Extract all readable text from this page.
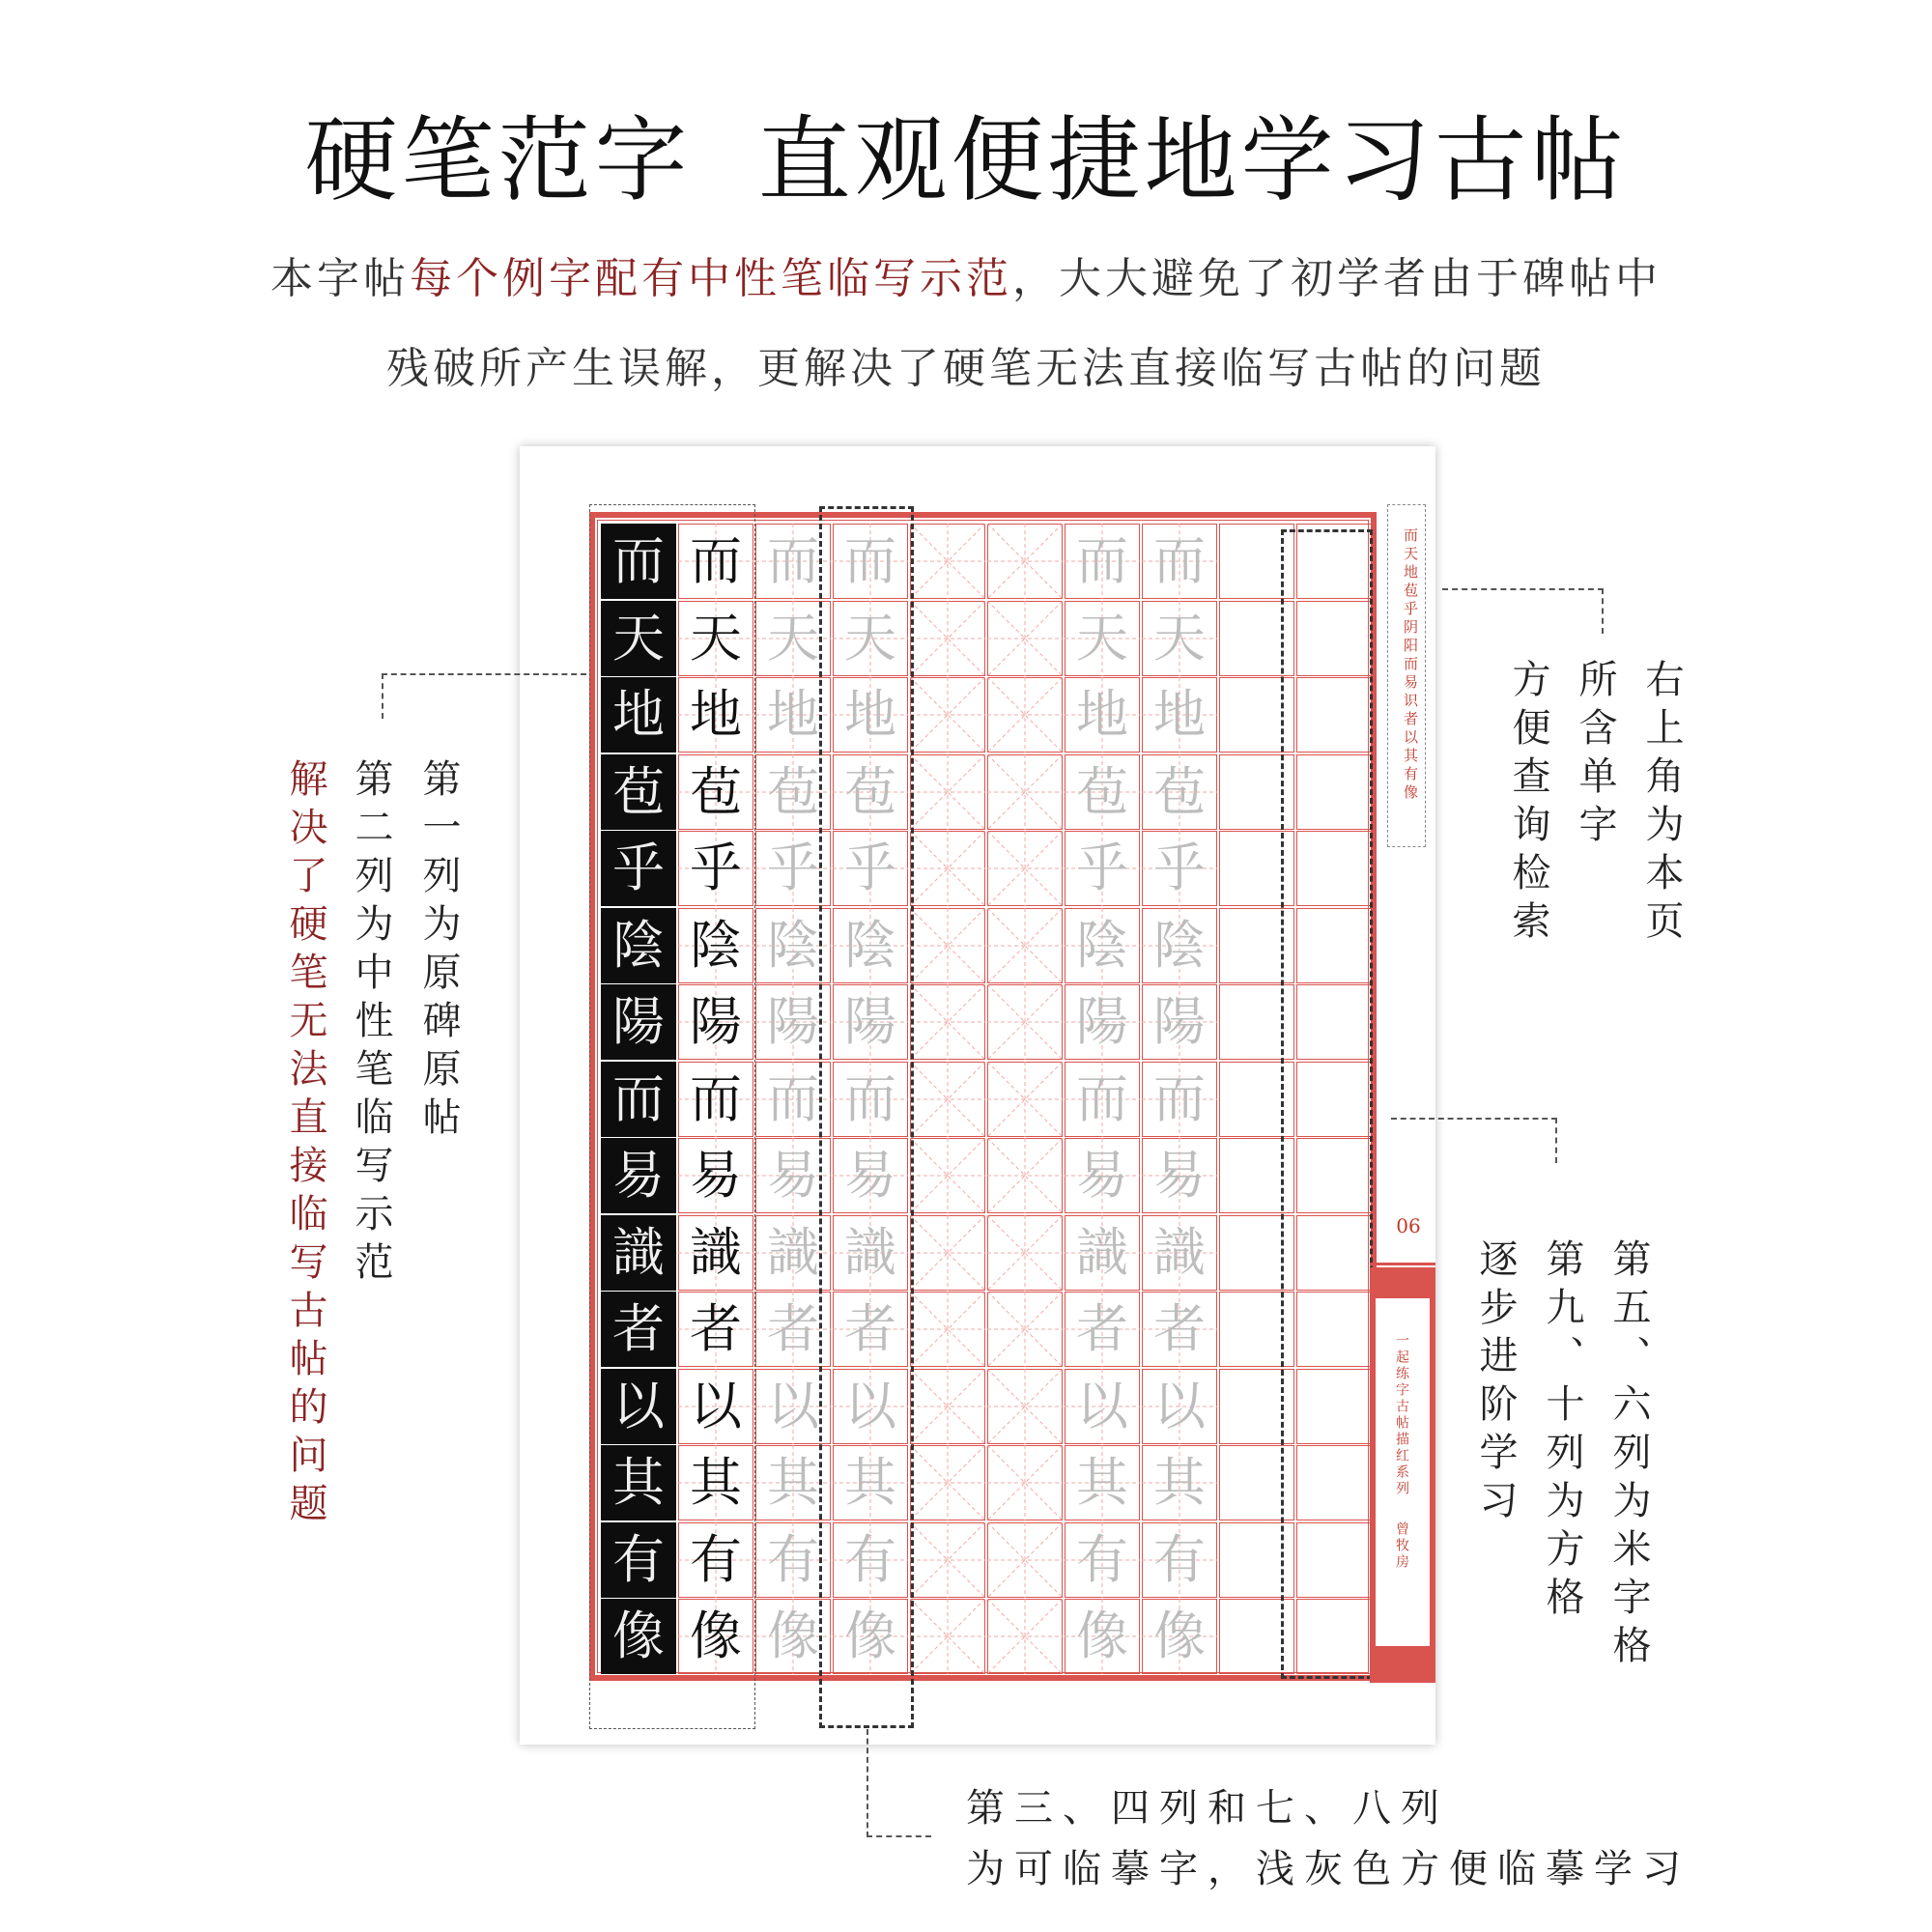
硬笔范字  直观便捷地学习古帖
本字帖每个例字配有中性笔临写示范，大大避免了初学者由于碑帖中
残破所产生误解，更解决了硬笔无法直接临写古帖的问题
而 而 而 而	而 而
天 天 天 天	天 天
地 地 地 地	地 地
苞 苞 苞 苞	苞 苞
乎 乎 乎 乎	乎 乎
陰 陰 陰 陰	陰 陰
陽 陽 陽 陽	陽 陽
而 而 而 而	而 而
易 易 易 易	易 易
識 識 識 識	識 識
者 者 者 者	者 者
以 以 以 以	以 以
其 其 其 其	其 其
有 有 有 有	有 有
像 像 像 像	像 像
而天地苞乎阴阳而易识者以其有像
06
一起练字古帖描红系列
曾牧房
第一列为原碑原帖
第二列为中性笔临写示范
解决了硬笔无法直接临写古帖的问题	右上角为本页
所含单字
方便查询检索
第五、六列为米字格
第九、十列为方格
逐步进阶学习
第三、四列和七、八列
为可临摹字，浅灰色方便临摹学习
